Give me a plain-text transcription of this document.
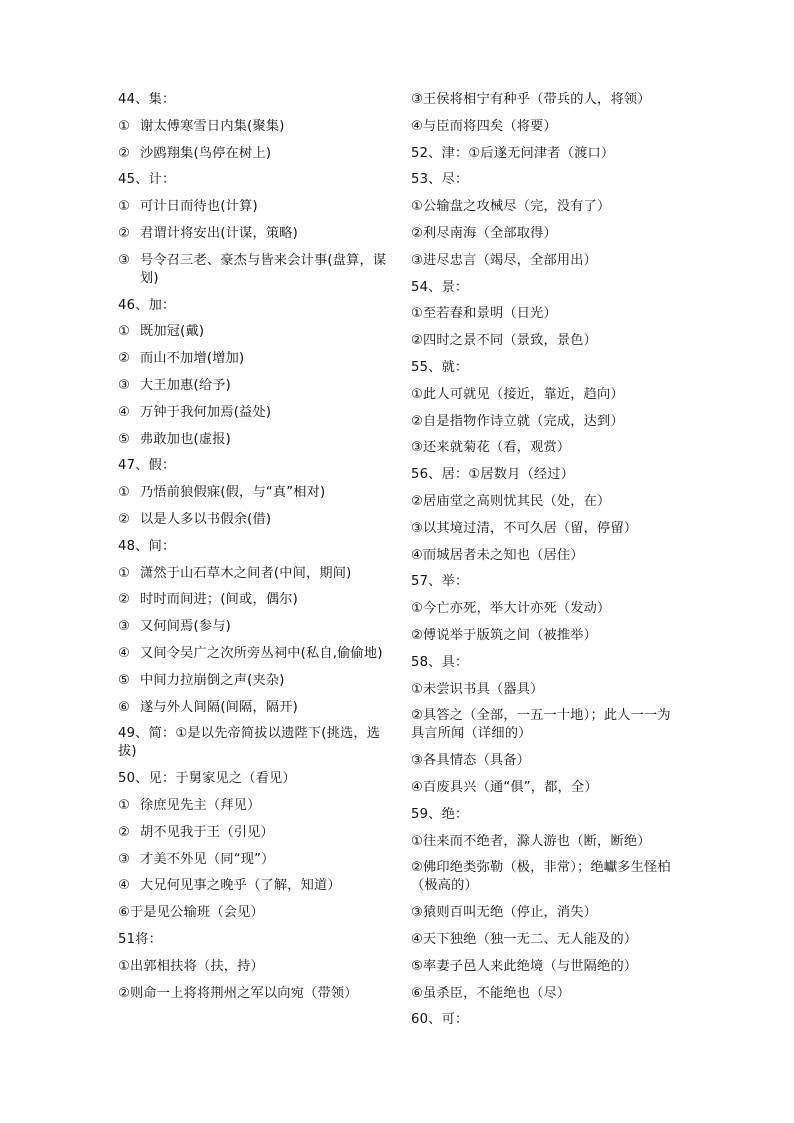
44、集：
① 谢太傅寒雪日内集(聚集)
② 沙鸥翔集(鸟停在树上)
45、计：
① 可计日而待也(计算)
② 君谓计将安出(计谋，策略)
③ 号令召三老、豪杰与皆来会计事(盘算，谋划)
46、加：
① 既加冠(戴)
② 而山不加增(增加)
③ 大王加惠(给予)
④ 万钟于我何加焉(益处)
⑤ 弗敢加也(虚报)
47、假：
① 乃悟前狼假寐(假，与“真”相对)
② 以是人多以书假余(借)
48、间：
① 潇然于山石草木之间者(中间，期间)
② 时时而间进；(间或，偶尔)
③ 又何间焉(参与)
④ 又间令吴广之次所旁丛祠中(私自,偷偷地)
⑤ 中间力拉崩倒之声(夹杂)
⑥ 遂与外人间隔(间隔，隔开)
49、简：①是以先帝简拔以遗陛下(挑选，选拔)
50、见：于舅家见之（看见）
① 徐庶见先主（拜见）
② 胡不见我于王（引见）
③ 才美不外见（同“现”）
④ 大兄何见事之晚乎（了解，知道）
⑥于是见公输班（会见）
51将：
①出郭相扶将（扶，持）
②则命一上将将荆州之军以向宛（带领）
③王侯将相宁有种乎（带兵的人，将领）
④与臣而将四矣（将要）
52、津：①后遂无问津者（渡口）
53、尽：
①公输盘之攻械尽（完，没有了）
②利尽南海（全部取得）
③进尽忠言（竭尽，全部用出）
54、景：
①至若春和景明（日光）
②四时之景不同（景致，景色）
55、就：
①此人可就见（接近，靠近，趋向）
②自是指物作诗立就（完成，达到）
③还来就菊花（看，观赏）
56、居：①居数月（经过）
②居庙堂之高则忧其民（处，在）
③以其境过清，不可久居（留，停留）
④而城居者未之知也（居住）
57、举：
①今亡亦死，举大计亦死（发动）
②傅说举于版筑之间（被推举）
58、具：
①未尝识书具（器具）
②具答之（全部，一五一十地）；此人一一为具言所闻（详细的）
③各具情态（具备）
④百废具兴（通“俱”，都，全）
59、绝：
①往来而不绝者，滁人游也（断，断绝）
②佛印绝类弥勒（极，非常）；绝巘多生怪柏（极高的）
③猿则百叫无绝（停止，消失）
④天下独绝（独一无二、无人能及的）
⑤率妻子邑人来此绝境（与世隔绝的）
⑥虽杀臣，不能绝也（尽）
60、可：
